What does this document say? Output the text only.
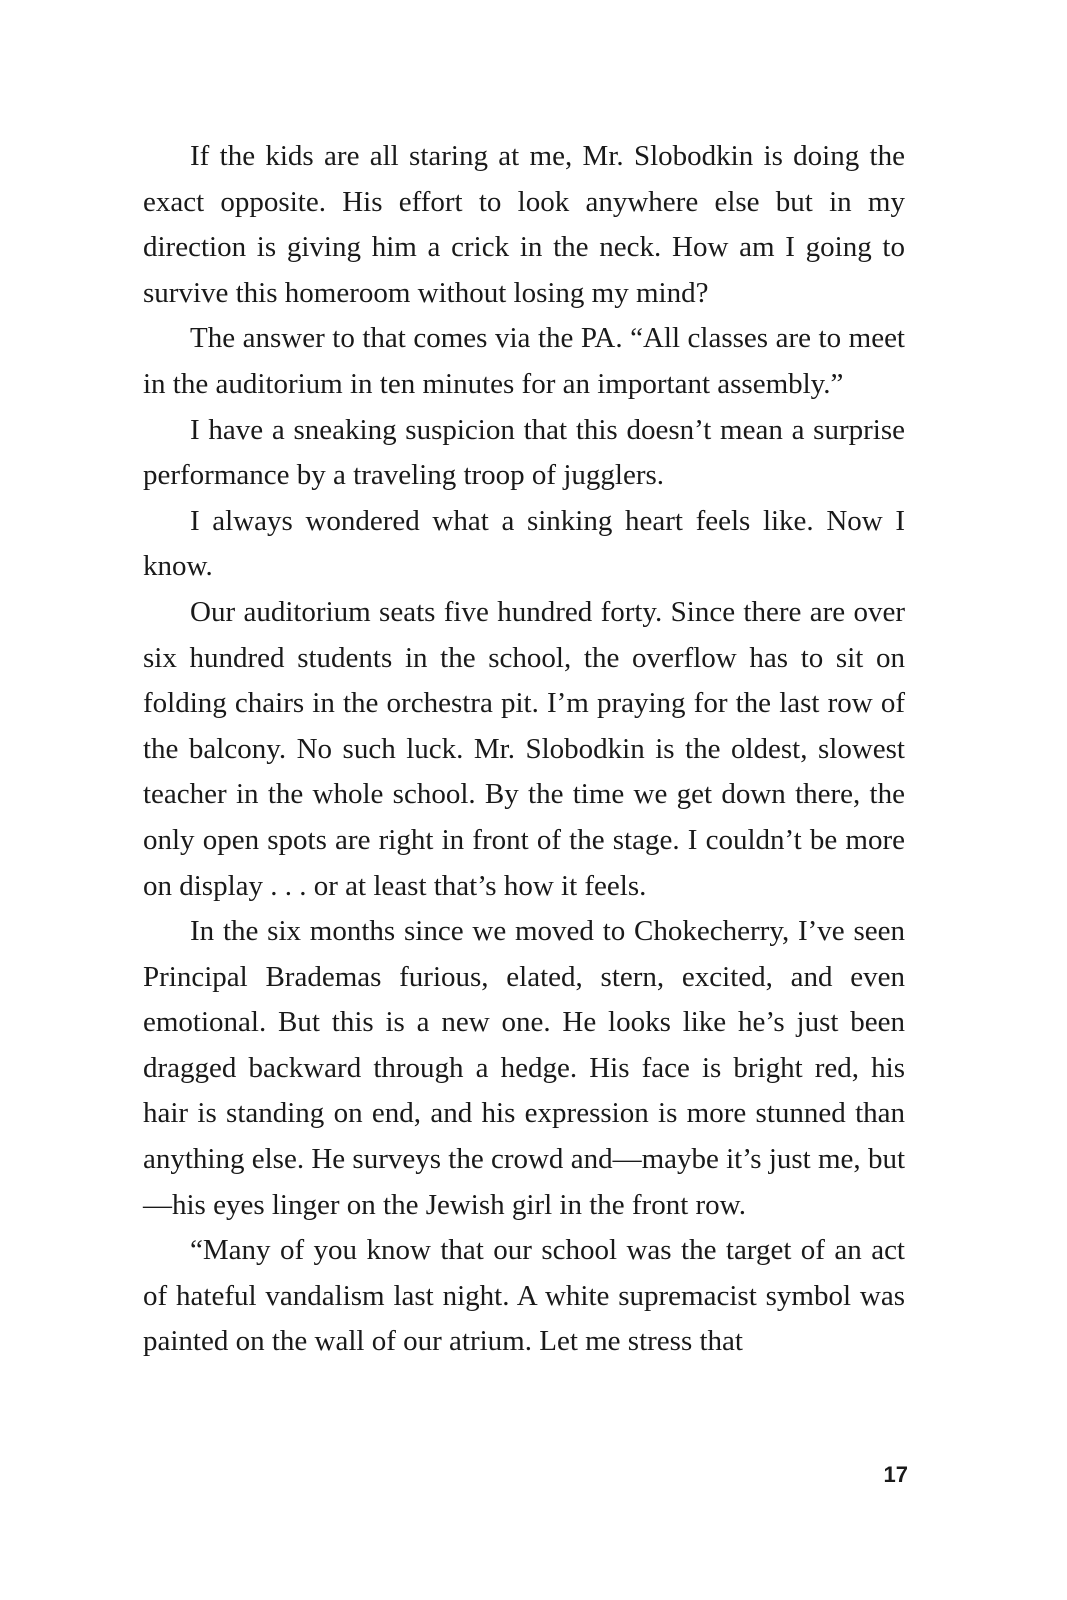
If the kids are all staring at me, Mr. Slobodkin is doing the exact opposite. His effort to look anywhere else but in my direction is giving him a crick in the neck. How am I going to survive this homeroom without losing my mind?

The answer to that comes via the PA. “All classes are to meet in the auditorium in ten minutes for an important assembly.”

I have a sneaking suspicion that this doesn’t mean a surprise performance by a traveling troop of jugglers.

I always wondered what a sinking heart feels like. Now I know.

Our auditorium seats five hundred forty. Since there are over six hundred students in the school, the overflow has to sit on folding chairs in the orchestra pit. I’m praying for the last row of the balcony. No such luck. Mr. Slobodkin is the oldest, slowest teacher in the whole school. By the time we get down there, the only open spots are right in front of the stage. I couldn’t be more on display . . . or at least that’s how it feels.

In the six months since we moved to Chokecherry, I’ve seen Principal Brademas furious, elated, stern, excited, and even emotional. But this is a new one. He looks like he’s just been dragged backward through a hedge. His face is bright red, his hair is standing on end, and his expression is more stunned than anything else. He surveys the crowd and—maybe it’s just me, but—his eyes linger on the Jewish girl in the front row.

“Many of you know that our school was the target of an act of hateful vandalism last night. A white supremacist symbol was painted on the wall of our atrium. Let me stress that

17
